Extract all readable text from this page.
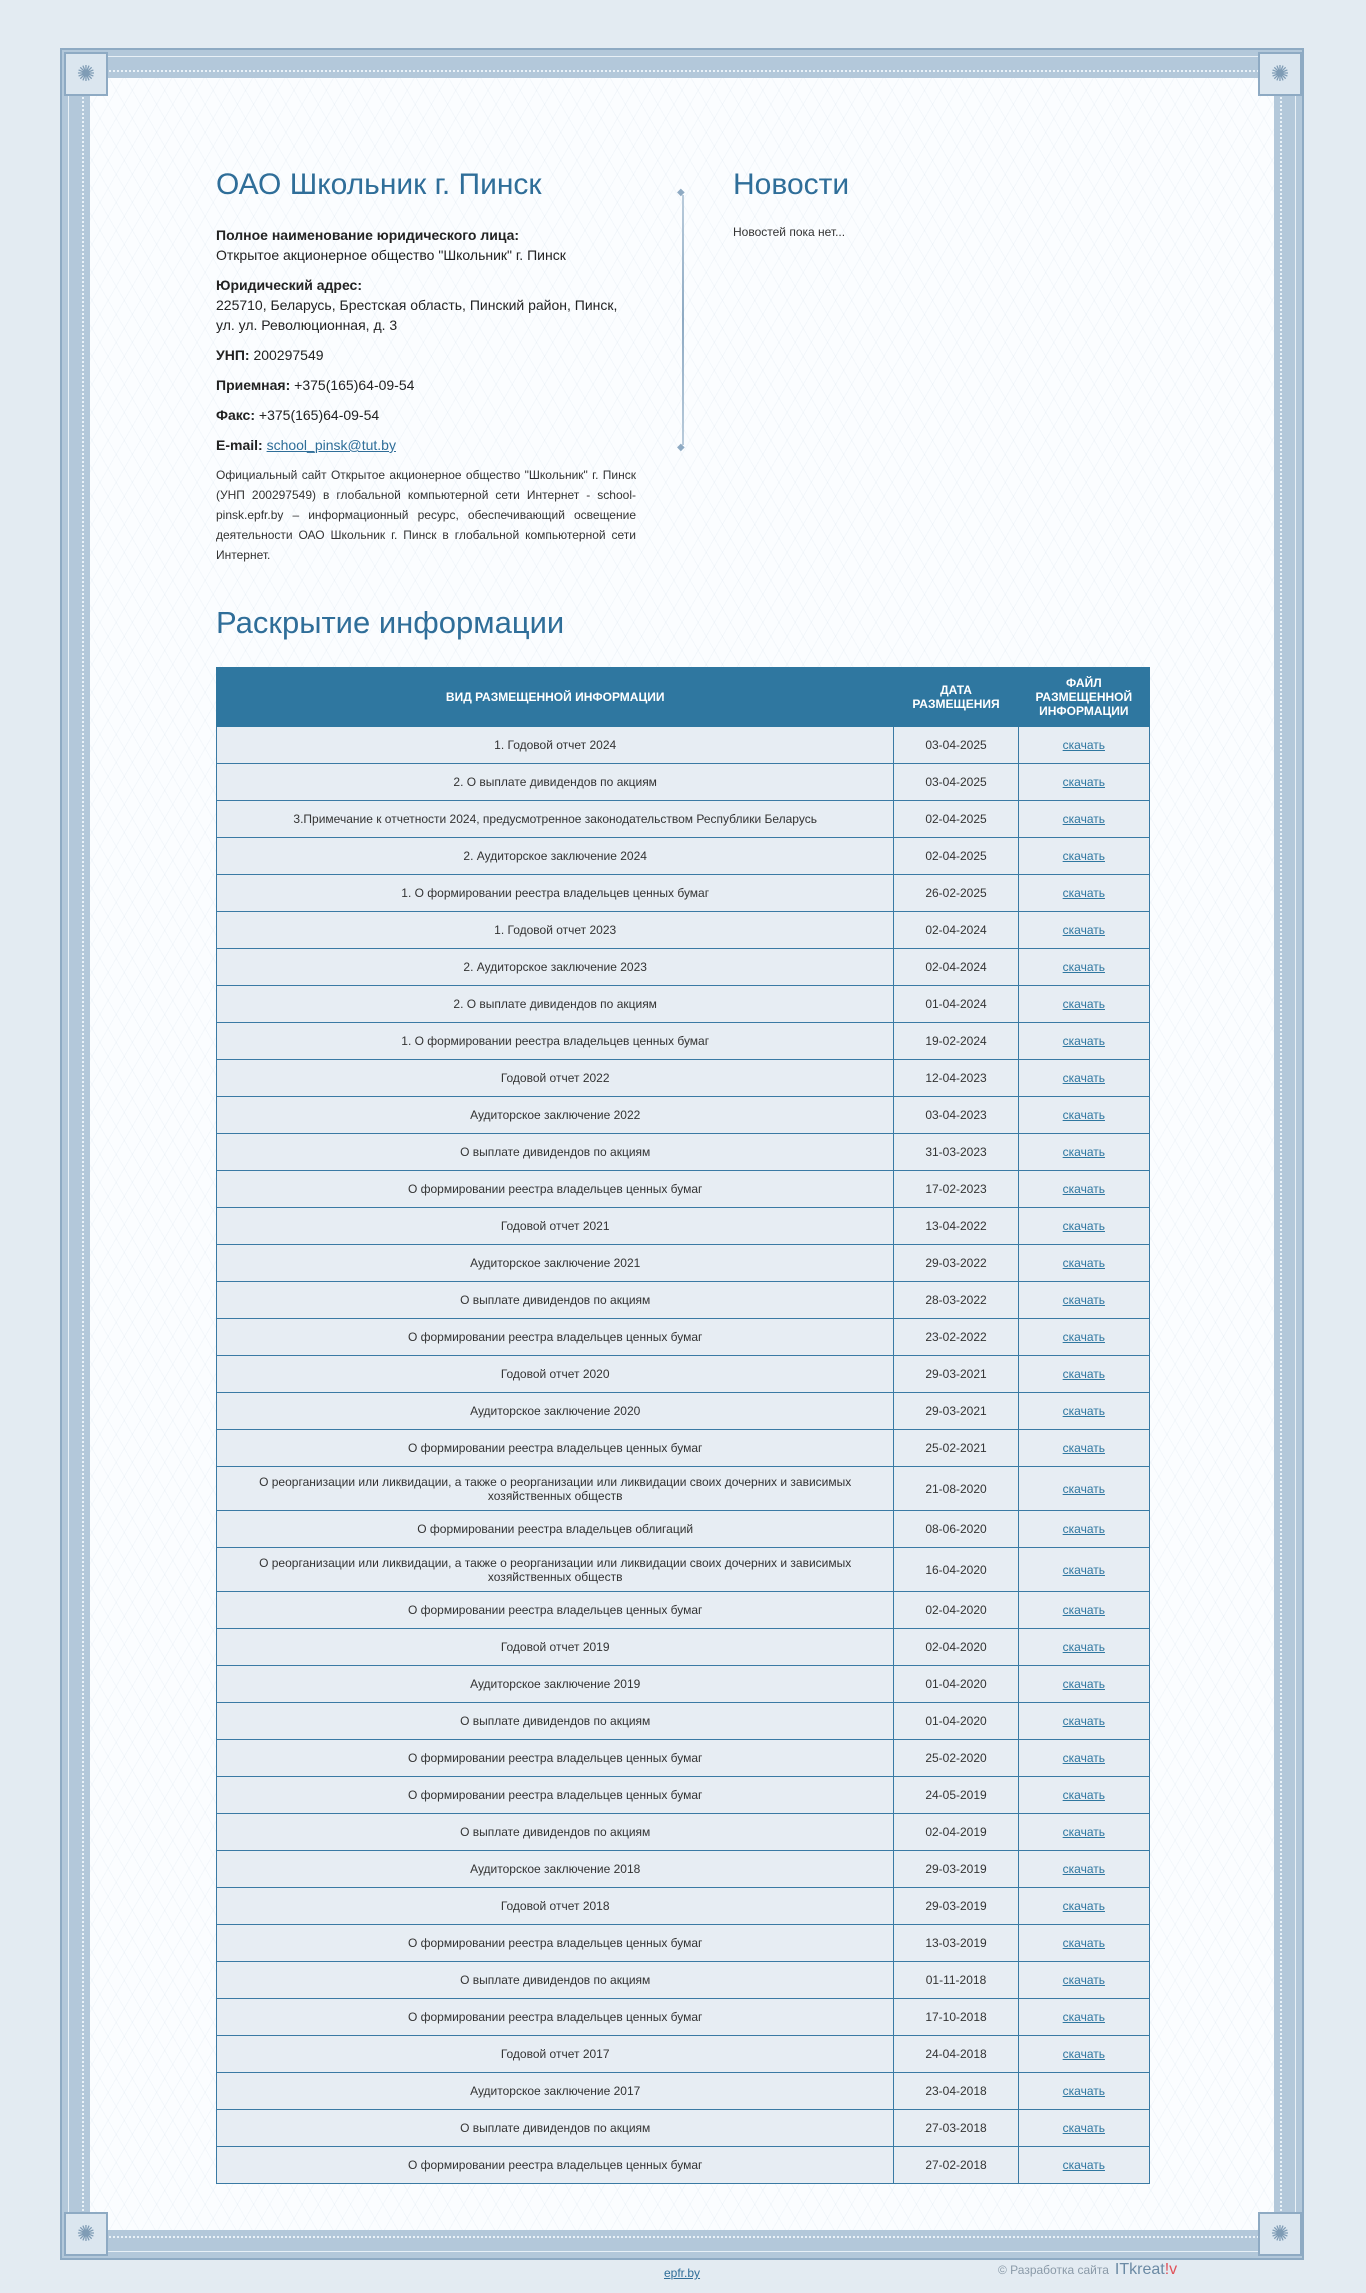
✺	✺
✺	✺
ОАО Школьник г. Пинск
Полное наименование юридического лица:
Открытое акционерное общество "Школьник" г. Пинск
Юридический адрес:
225710, Беларусь, Брестская область, Пинский район, Пинск, ул. ул. Революционная, д. 3
УНП: 200297549
Приемная: +375(165)64-09-54
Факс: +375(165)64-09-54
E-mail: school_pinsk@tut.by
Официальный сайт Открытое акционерное общество "Школьник" г. Пинск (УНП 200297549) в глобальной компьютерной сети Интернет - school-pinsk.epfr.by – информационный ресурс, обеспечивающий освещение деятельности ОАО Школьник г. Пинск в глобальной компьютерной сети Интернет.
◆ ◆
Новости
Новостей пока нет...
Раскрытие информации
ВИД РАЗМЕЩЕННОЙ ИНФОРМАЦИИ	ДАТА РАЗМЕЩЕНИЯ	ФАЙЛ РАЗМЕЩЕННОЙ ИНФОРМАЦИИ
1. Годовой отчет 2024	03-04-2025	скачать
2. О выплате дивидендов по акциям	03-04-2025	скачать
3.Примечание к отчетности 2024, предусмотренное законодательством Республики Беларусь	02-04-2025	скачать
2. Аудиторское заключение 2024	02-04-2025	скачать
1. О формировании реестра владельцев ценных бумаг	26-02-2025	скачать
1. Годовой отчет 2023	02-04-2024	скачать
2. Аудиторское заключение 2023	02-04-2024	скачать
2. О выплате дивидендов по акциям	01-04-2024	скачать
1. О формировании реестра владельцев ценных бумаг	19-02-2024	скачать
Годовой отчет 2022	12-04-2023	скачать
Аудиторское заключение 2022	03-04-2023	скачать
О выплате дивидендов по акциям	31-03-2023	скачать
О формировании реестра владельцев ценных бумаг	17-02-2023	скачать
Годовой отчет 2021	13-04-2022	скачать
Аудиторское заключение 2021	29-03-2022	скачать
О выплате дивидендов по акциям	28-03-2022	скачать
О формировании реестра владельцев ценных бумаг	23-02-2022	скачать
Годовой отчет 2020	29-03-2021	скачать
Аудиторское заключение 2020	29-03-2021	скачать
О формировании реестра владельцев ценных бумаг	25-02-2021	скачать
О реорганизации или ликвидации, а также о реорганизации или ликвидации своих дочерних и зависимых хозяйственных обществ	21-08-2020	скачать
О формировании реестра владельцев облигаций	08-06-2020	скачать
О реорганизации или ликвидации, а также о реорганизации или ликвидации своих дочерних и зависимых хозяйственных обществ	16-04-2020	скачать
О формировании реестра владельцев ценных бумаг	02-04-2020	скачать
Годовой отчет 2019	02-04-2020	скачать
Аудиторское заключение 2019	01-04-2020	скачать
О выплате дивидендов по акциям	01-04-2020	скачать
О формировании реестра владельцев ценных бумаг	25-02-2020	скачать
О формировании реестра владельцев ценных бумаг	24-05-2019	скачать
О выплате дивидендов по акциям	02-04-2019	скачать
Аудиторское заключение 2018	29-03-2019	скачать
Годовой отчет 2018	29-03-2019	скачать
О формировании реестра владельцев ценных бумаг	13-03-2019	скачать
О выплате дивидендов по акциям	01-11-2018	скачать
О формировании реестра владельцев ценных бумаг	17-10-2018	скачать
Годовой отчет 2017	24-04-2018	скачать
Аудиторское заключение 2017	23-04-2018	скачать
О выплате дивидендов по акциям	27-03-2018	скачать
О формировании реестра владельцев ценных бумаг	27-02-2018	скачать
epfr.by	© Разработка сайта ITkreat!v
